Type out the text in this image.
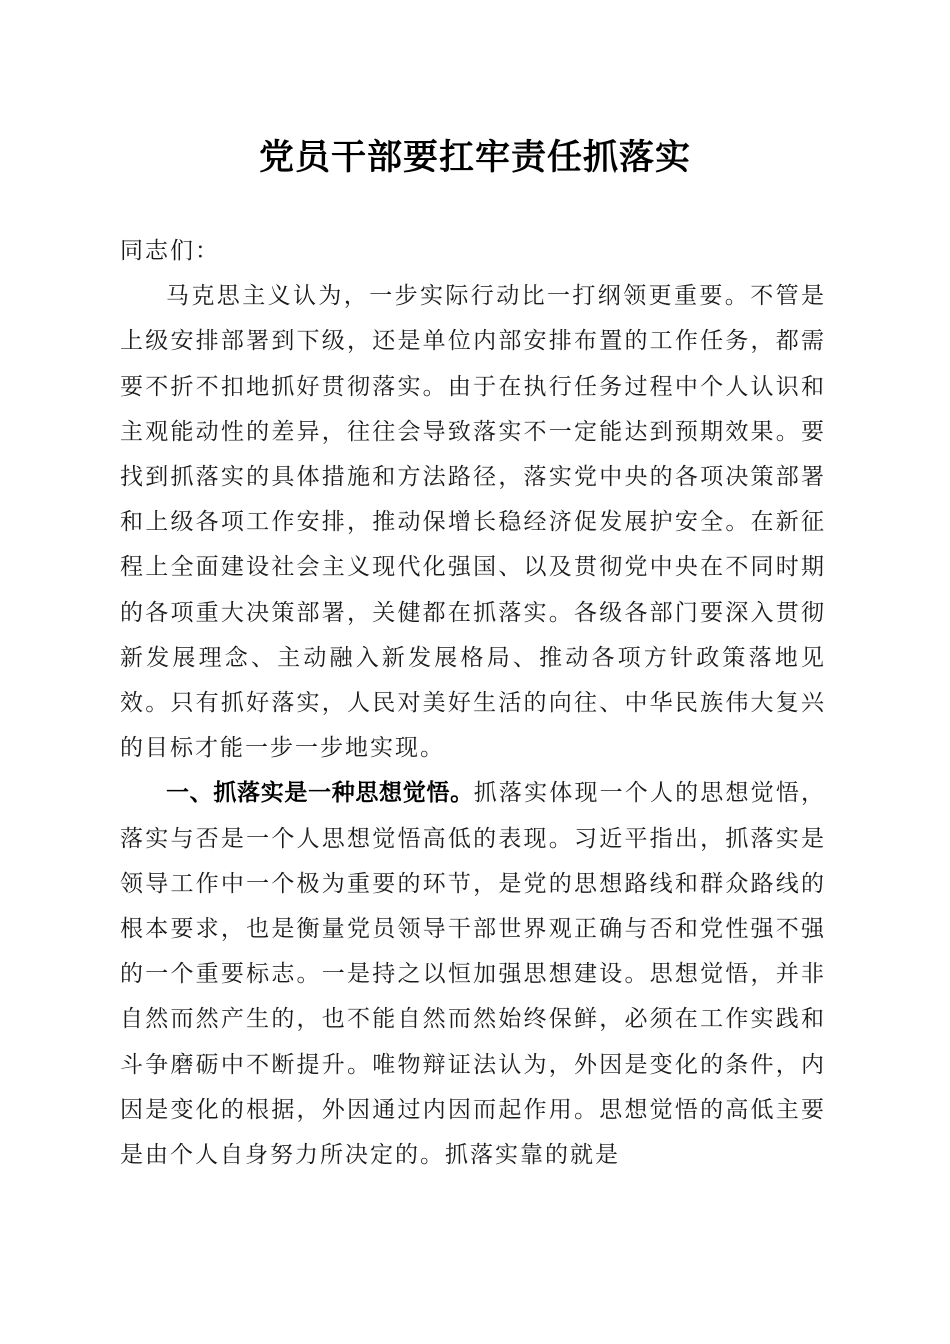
党员干部要扛牢责任抓落实

同志们：

马克思主义认为，一步实际行动比一打纲领更重要。不管是上级安排部署到下级，还是单位内部安排布置的工作任务，都需要不折不扣地抓好贯彻落实。由于在执行任务过程中个人认识和主观能动性的差异，往往会导致落实不一定能达到预期效果。要找到抓落实的具体措施和方法路径，落实党中央的各项决策部署和上级各项工作安排，推动保增长稳经济促发展护安全。在新征程上全面建设社会主义现代化强国、以及贯彻党中央在不同时期的各项重大决策部署，关健都在抓落实。各级各部门要深入贯彻新发展理念、主动融入新发展格局、推动各项方针政策落地见效。只有抓好落实，人民对美好生活的向往、中华民族伟大复兴的目标才能一步一步地实现。

一、抓落实是一种思想觉悟。抓落实体现一个人的思想觉悟，落实与否是一个人思想觉悟高低的表现。习近平指出，抓落实是领导工作中一个极为重要的环节，是党的思想路线和群众路线的根本要求，也是衡量党员领导干部世界观正确与否和党性强不强的一个重要标志。一是持之以恒加强思想建设。思想觉悟，并非自然而然产生的，也不能自然而然始终保鲜，必须在工作实践和斗争磨砺中不断提升。唯物辩证法认为，外因是变化的条件，内因是变化的根据，外因通过内因而起作用。思想觉悟的高低主要是由个人自身努力所决定的。抓落实靠的就是
